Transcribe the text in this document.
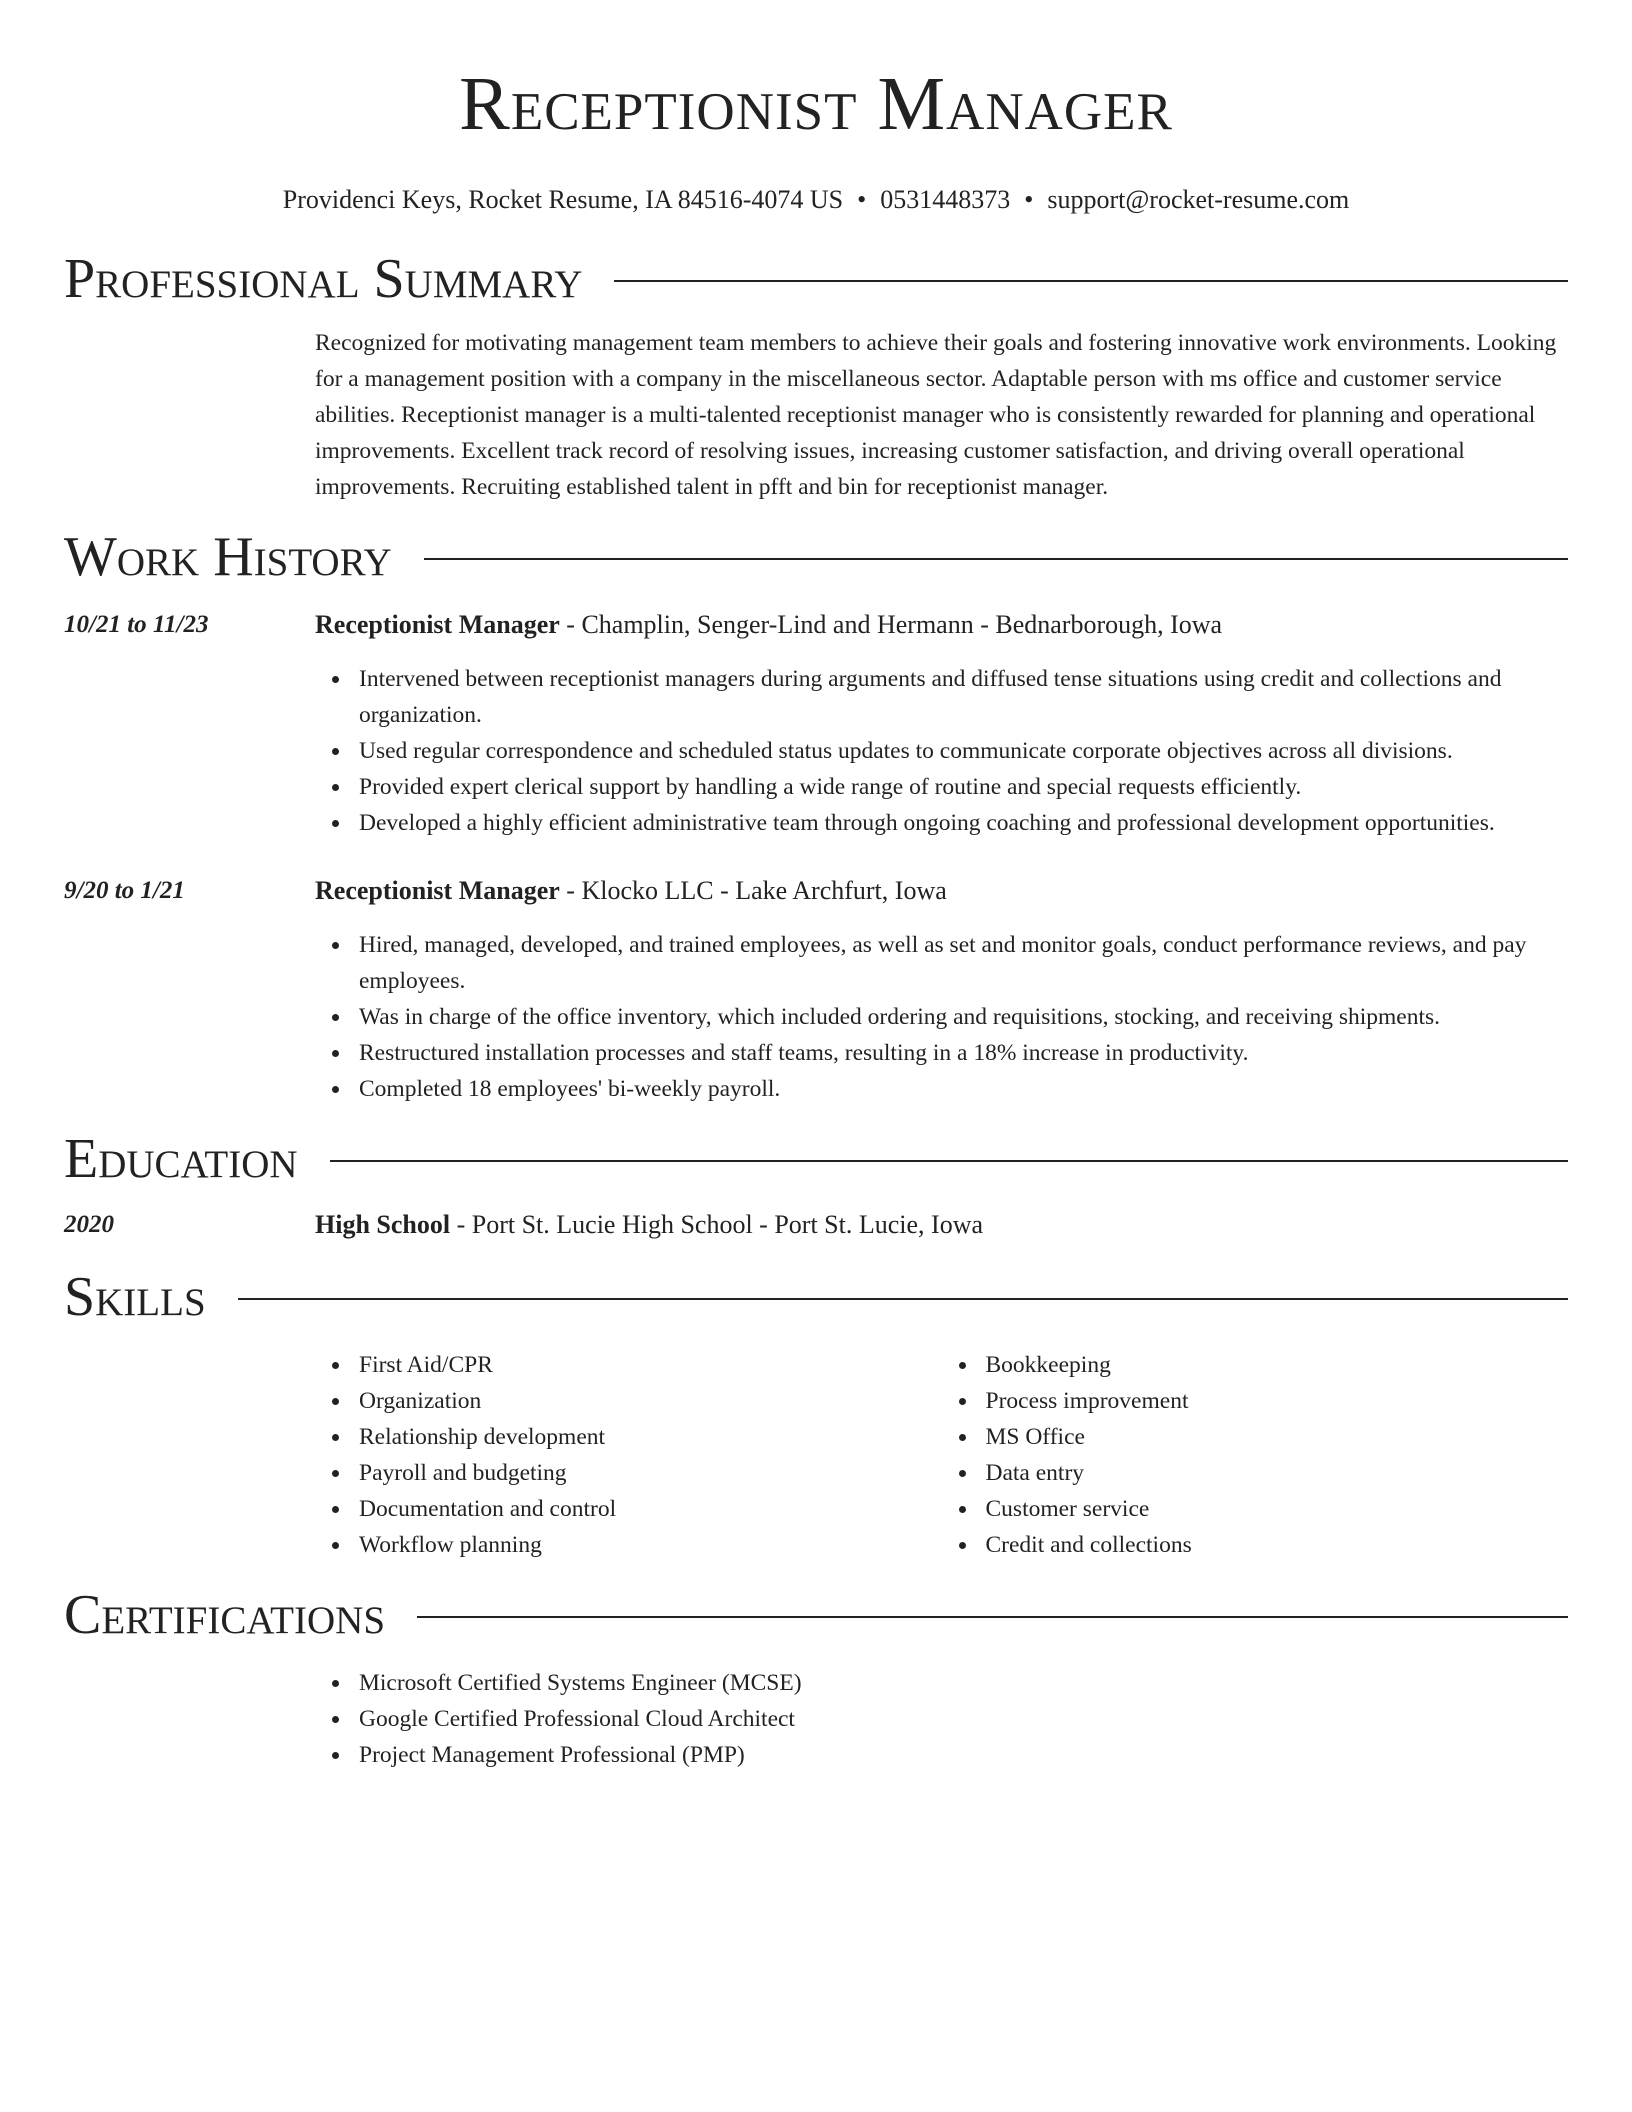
Receptionist Manager
Providenci Keys, Rocket Resume, IA 84516-4074 US • 0531448373 • support@rocket-resume.com
Professional Summary
Recognized for motivating management team members to achieve their goals and fostering innovative work environments. Looking for a management position with a company in the miscellaneous sector. Adaptable person with ms office and customer service abilities. Receptionist manager is a multi-talented receptionist manager who is consistently rewarded for planning and operational improvements. Excellent track record of resolving issues, increasing customer satisfaction, and driving overall operational improvements. Recruiting established talent in pfft and bin for receptionist manager.
Work History
10/21 to 11/23	Receptionist Manager - Champlin, Senger-Lind and Hermann - Bednarborough, Iowa
Intervened between receptionist managers during arguments and diffused tense situations using credit and collections and organization.
Used regular correspondence and scheduled status updates to communicate corporate objectives across all divisions.
Provided expert clerical support by handling a wide range of routine and special requests efficiently.
Developed a highly efficient administrative team through ongoing coaching and professional development opportunities.
9/20 to 1/21	Receptionist Manager - Klocko LLC - Lake Archfurt, Iowa
Hired, managed, developed, and trained employees, as well as set and monitor goals, conduct performance reviews, and pay employees.
Was in charge of the office inventory, which included ordering and requisitions, stocking, and receiving shipments.
Restructured installation processes and staff teams, resulting in a 18% increase in productivity.
Completed 18 employees' bi-weekly payroll.
Education
2020	High School - Port St. Lucie High School - Port St. Lucie, Iowa
Skills
First Aid/CPR
Organization
Relationship development
Payroll and budgeting
Documentation and control
Workflow planning
Bookkeeping
Process improvement
MS Office
Data entry
Customer service
Credit and collections
Certifications
Microsoft Certified Systems Engineer (MCSE)
Google Certified Professional Cloud Architect
Project Management Professional (PMP)
